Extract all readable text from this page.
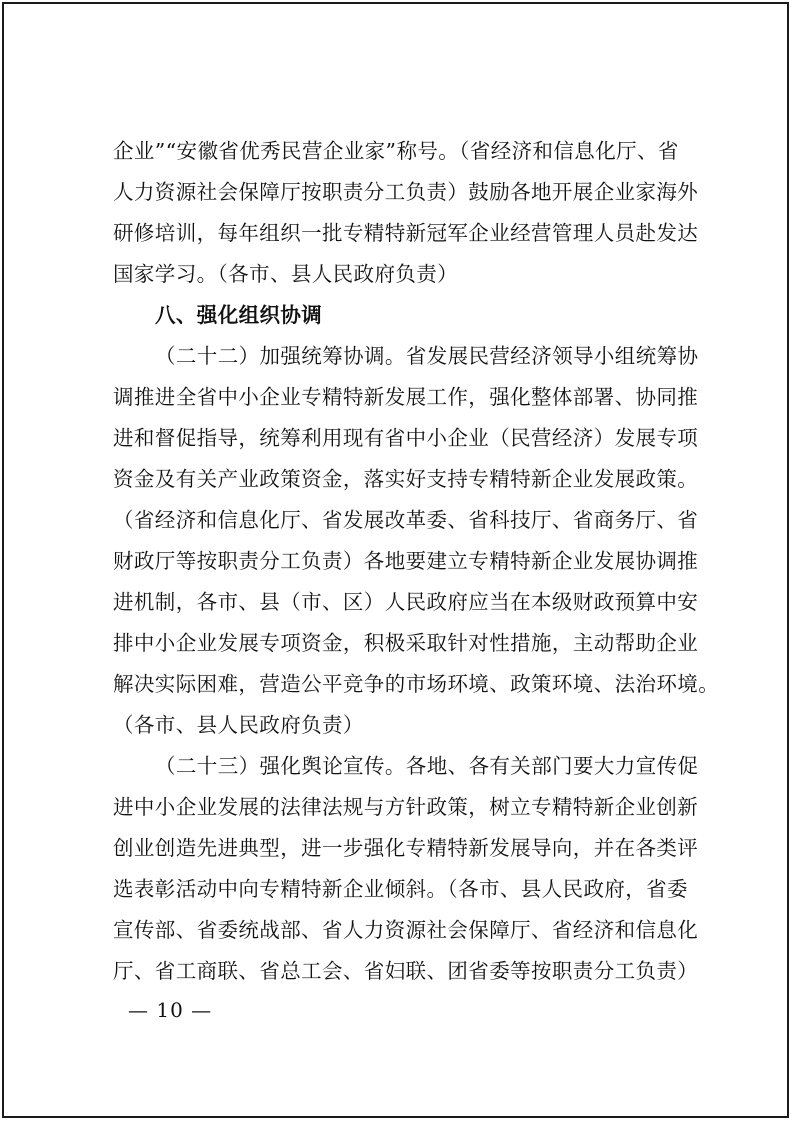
企业”“安徽省优秀民营企业家”称号。（省经济和信息化厅、省
人力资源社会保障厅按职责分工负责）鼓励各地开展企业家海外
研修培训，每年组织一批专精特新冠军企业经营管理人员赴发达
国家学习。（各市、县人民政府负责）
八、强化组织协调
（二十二）加强统筹协调。省发展民营经济领导小组统筹协
调推进全省中小企业专精特新发展工作，强化整体部署、协同推
进和督促指导，统筹利用现有省中小企业（民营经济）发展专项
资金及有关产业政策资金，落实好支持专精特新企业发展政策。
（省经济和信息化厅、省发展改革委、省科技厅、省商务厅、省
财政厅等按职责分工负责）各地要建立专精特新企业发展协调推
进机制，各市、县（市、区）人民政府应当在本级财政预算中安
排中小企业发展专项资金，积极采取针对性措施，主动帮助企业
解决实际困难，营造公平竞争的市场环境、政策环境、法治环境。
（各市、县人民政府负责）
（二十三）强化舆论宣传。各地、各有关部门要大力宣传促
进中小企业发展的法律法规与方针政策，树立专精特新企业创新
创业创造先进典型，进一步强化专精特新发展导向，并在各类评
选表彰活动中向专精特新企业倾斜。（各市、县人民政府，省委
宣传部、省委统战部、省人力资源社会保障厅、省经济和信息化
厅、省工商联、省总工会、省妇联、团省委等按职责分工负责）
— 10 —
